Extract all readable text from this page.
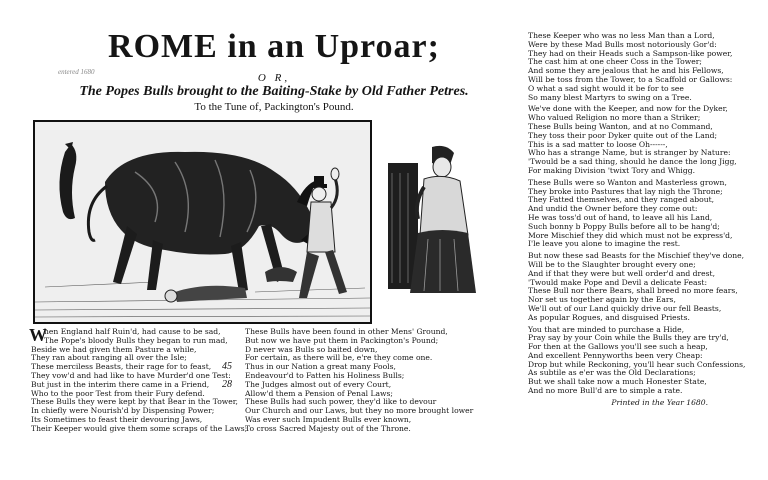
ROME in an Uproar;
entered 1680	O R,
The Popes Bulls brought to the Baiting-Stake by Old Father Petres.
To the Tune of, Packington's Pound.
W
hen England half Ruin'd, had cause to be sad,
The Pope's bloody Bulls they began to run mad,
Beside we had given them Pasture a while,
They ran about ranging all over the Isle;
These merciless Beasts, their rage for to feast, 45
They vow'd and had like to have Murder'd one Test:
But just in the interim there came in a Friend, 28
Who to the poor Test from their Fury defend.
These Bulls they were kept by that Bear in the Tower,
In chiefly were Nourish'd by Dispensing Power;
Its Sometimes to feast their devouring Jaws,
Their Keeper would give them some scraps of the Laws;
These Bulls have been found in other Mens' Ground,
But now we have put them in Packington's Pound;
D never was Bulls so baited down,
For certain, as there will be, e're they come one.
Thus in our Nation a great many Fools,
Endeavour'd to Fatten his Holiness Bulls;
The Judges almost out of every Court,
Allow'd them a Pension of Penal Laws;
These Bulls had such power, they'd like to devour
Our Church and our Laws, but they no more brought lower
Was ever such Impudent Bulls ever known,
To cross Sacred Majesty out of the Throne.
These Keeper who was no less Man than a Lord,
Were by these Mad Bulls most notoriously Gor'd:
They had on their Heads such a Sampson-like power,
The cast him at one cheer Coss in the Tower;
And some they are jealous that he and his Fellows,
Will be toss from the Tower, to a Scaffold or Gallows:
O what a sad sight would it be for to see
So many blest Martyrs to swing on a Tree.
We've done with the Keeper, and now for the Dyker,
Who valued Religion no more than a Striker;
These Bulls being Wanton, and at no Command,
They toss their poor Dyker quite out of the Land;
This is a sad matter to loose Oh------,
Who has a strange Name, but is stranger by Nature:
'Twould be a sad thing, should he dance the long Jigg,
For making Division 'twixt Tory and Whigg.
These Bulls were so Wanton and Masterless grown,
They broke into Pastures that lay nigh the Throne;
They Fatted themselves, and they ranged about,
And undid the Owner before they come out:
He was toss'd out of hand, to leave all his Land,
Such bonny b Poppy Bulls before all to be hang'd;
More Mischief they did which must not be express'd,
I'le leave you alone to imagine the rest.
But now these sad Beasts for the Mischief they've done,
Will be to the Slaughter brought every one;
And if that they were but well order'd and drest,
'Twould make Pope and Devil a delicate Feast:
These Bull nor there Bears, shall breed no more fears,
Nor set us together again by the Ears,
We'll out of our Land quickly drive our fell Beasts,
As popular Rogues, and disguised Priests.
You that are minded to purchase a Hide,
Pray say by your Coin while the Bulls they are try'd,
For then at the Gallows you'll see such a heap,
And excellent Pennyworths been very Cheap:
Drop but while Reckoning, you'll hear such Confessions,
As subtile as e'er was the Old Declarations;
But we shall take now a much Honester State,
And no more Bull'd are to simple a rate.
Printed in the Year 1680.
